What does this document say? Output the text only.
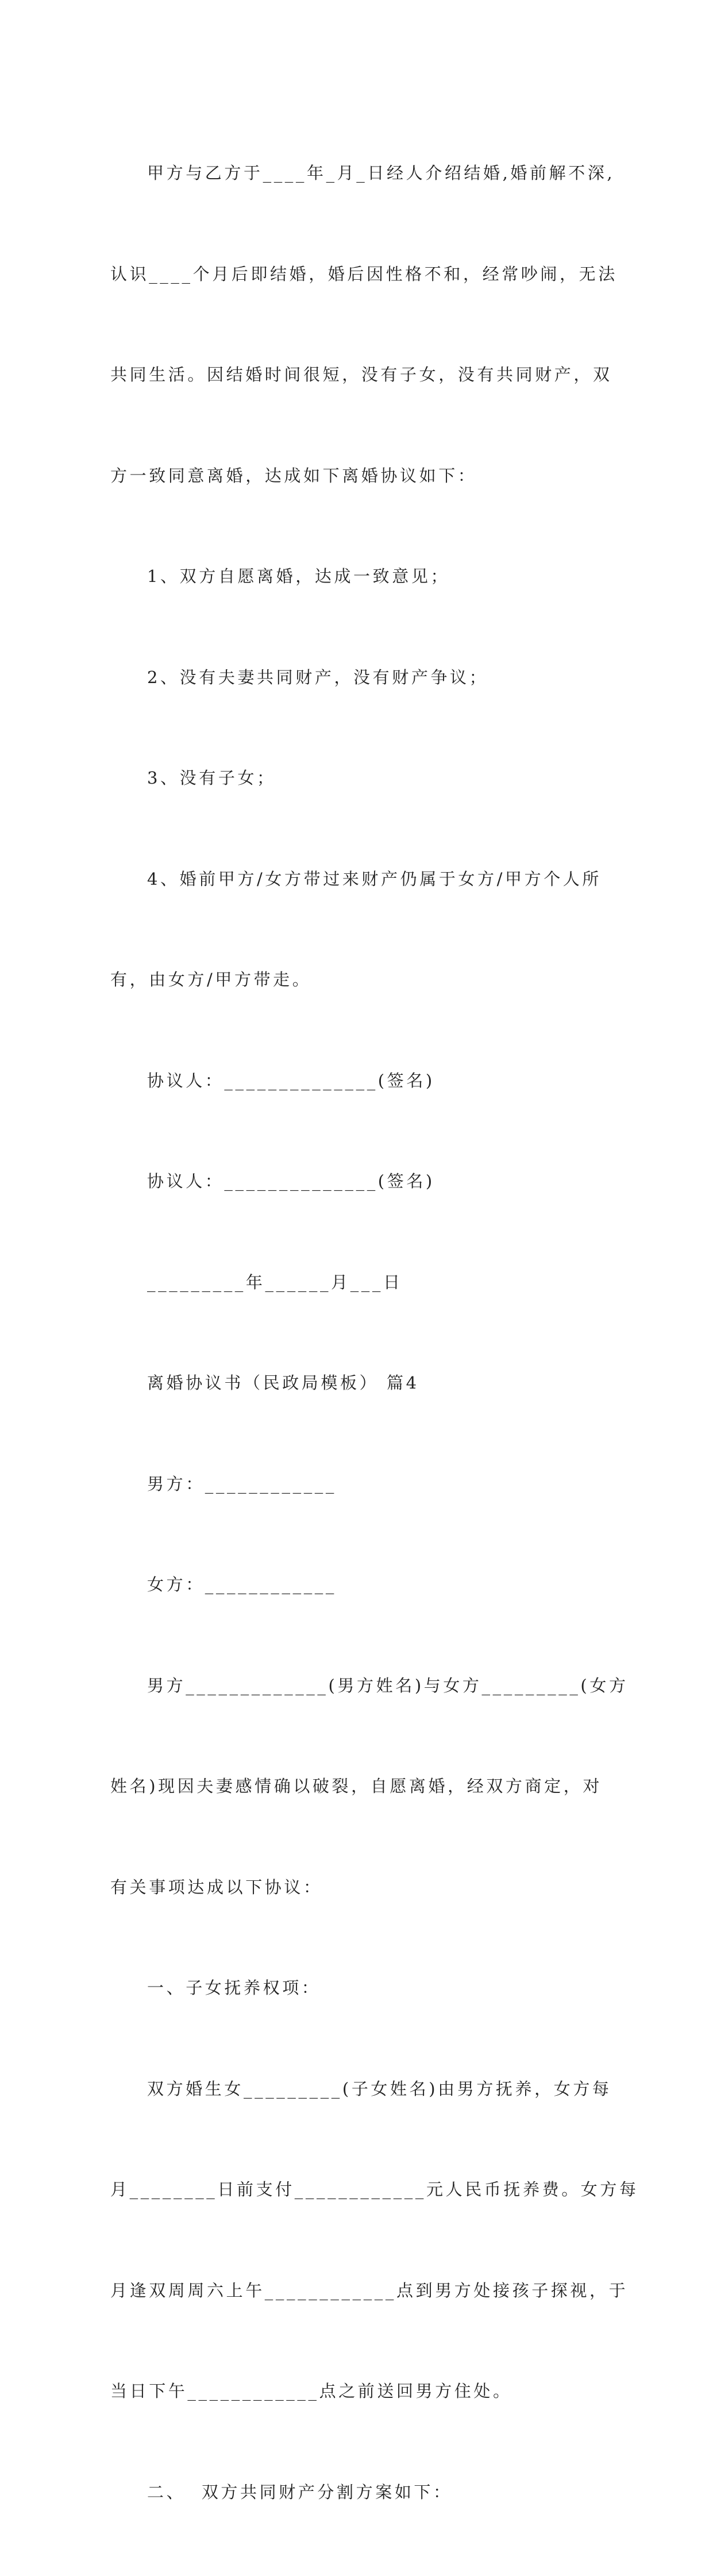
甲方与乙方于____年_月_日经人介绍结婚,婚前解不深,

认识____个月后即结婚，婚后因性格不和，经常吵闹，无法

共同生活。因结婚时间很短，没有子女，没有共同财产，双

方一致同意离婚，达成如下离婚协议如下：

1、双方自愿离婚，达成一致意见；

2、没有夫妻共同财产，没有财产争议；

3、没有子女；

4、婚前甲方/女方带过来财产仍属于女方/甲方个人所

有，由女方/甲方带走。

协议人：______________(签名)

协议人：______________(签名)

_________年______月___日

离婚协议书（民政局模板） 篇4

男方：____________

女方：____________

男方_____________(男方姓名)与女方_________(女方

姓名)现因夫妻感情确以破裂，自愿离婚，经双方商定，对

有关事项达成以下协议：

一、子女抚养权项：

双方婚生女_________(子女姓名)由男方抚养，女方每

月________日前支付____________元人民币抚养费。女方每

月逢双周周六上午____________点到男方处接孩子探视，于

当日下午____________点之前送回男方住处。

二、  双方共同财产分割方案如下：
